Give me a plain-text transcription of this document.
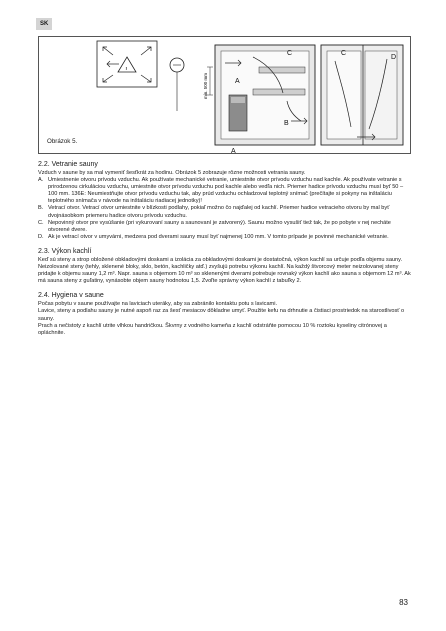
SK
!
A
B
C
A
min. 500 mm
C
D
Obrázok 5.
2.2. Vetranie sauny

Vzduch v saune by sa mal vymeniť šesťkrát za hodinu. Obrázok 5 zobrazuje rôzne možnosti vetrania sauny.

A. Umiestnenie otvoru prívodu vzduchu. Ak používate mechanické vetranie, umiestnite otvor prívodu vzduchu nad kachle. Ak používate vetranie s prirodzenou cirkuláciou vzduchu, umiestnite otvor prívodu vzduchu pod kachle alebo vedľa nich. Priemer hadice prívodu vzduchu musí byť 50 – 100 mm. 136E: Neumiestňujte otvor prívodu vzduchu tak, aby prúd vzduchu ochladzoval teplotný snímač (prečítajte si pokyny na inštaláciu teplotného snímača v návode na inštaláciu riadiacej jednotky)!
B. Vetrací otvor. Vetrací otvor umiestnite v blízkosti podlahy, pokiaľ možno čo najďalej od kachlí. Priemer hadice vetracieho otvoru by mal byť dvojnásobkom priemeru hadice otvoru prívodu vzduchu.
C. Nepovinný otvor pre vysúšanie (pri vykurovaní sauny a saunovaní je zatvorený). Saunu možno vysušiť tiež tak, že po pobyte v nej necháte otvorené dvere.
D. Ak je vetrací otvor v umyvárni, medzera pod dverami sauny musí byť najmenej 100 mm. V tomto prípade je povinné mechanické vetranie.
2.3. Výkon kachlí

Keď sú steny a strop obložené obkladovými doskami a izolácia za obkladovými doskami je dostatočná, výkon kachlí sa určuje podľa objemu sauny. Neizolované steny (tehly, sklenené bloky, sklo, betón, kachličky atď.) zvyšujú potrebu výkonu kachlí. Na každý štvorcový meter neizolovanej steny pridajte k objemu sauny 1,2 m³. Napr. sauna s objemom 10 m³ so sklenenými dverami potrebuje rovnaký výkon kachlí ako sauna s objemom 12 m³. Ak má sauna steny z guľatiny, vynásobte objem sauny hodnotou 1,5. Zvoľte správny výkon kachlí z tabuľky 2.

2.4. Hygiena v saune

Počas pobytu v saune používajte na laviciach uteráky, aby sa zabránilo kontaktu potu s lavicami.

Lavice, steny a podlahu sauny je nutné aspoň raz za šesť mesiacov dôkladne umyť. Použite kefu na drhnutie a čistiaci prostriedok na starostlivosť o sauny.

Prach a nečistoty z kachlí utrite vlhkou handričkou. Škvrny z vodného kameňa z kachlí odstráňte pomocou 10 % roztoku kyseliny citrónovej a opláchnite.

83
